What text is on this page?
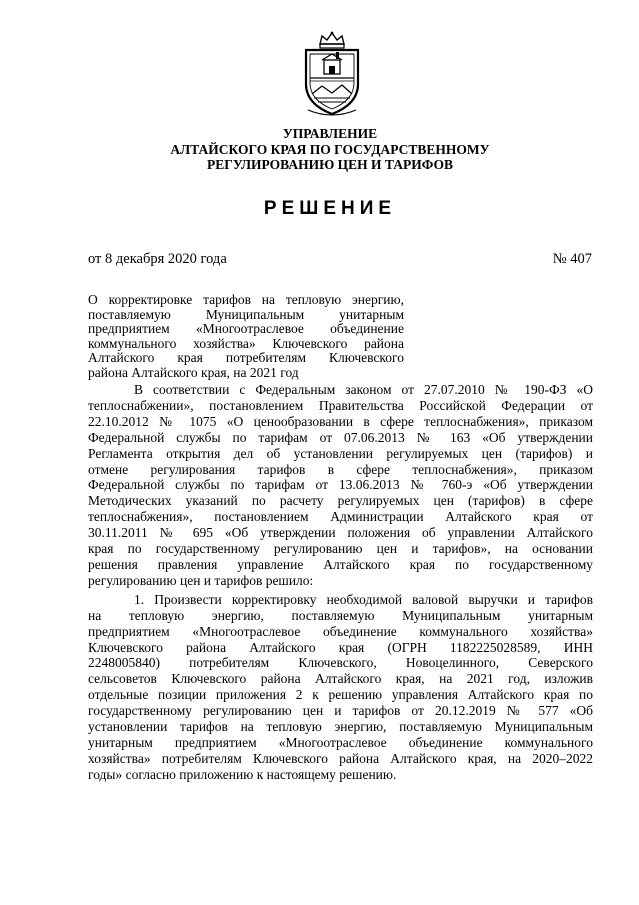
УПРАВЛЕНИЕ
АЛТАЙСКОГО КРАЯ ПО ГОСУДАРСТВЕННОМУ
РЕГУЛИРОВАНИЮ ЦЕН И ТАРИФОВ
РЕШЕНИЕ
от 8 декабря 2020 года	№ 407
О корректировке тарифов на тепловую энергию,
поставляемую Муниципальным унитарным
предприятием «Многоотраслевое объединение
коммунального хозяйства» Ключевского района
Алтайского края потребителям Ключевского
района Алтайского края, на 2021 год
В соответствии с Федеральным законом от 27.07.2010 № 190-ФЗ «О
теплоснабжении», постановлением Правительства Российской Федерации от
22.10.2012 № 1075 «О ценообразовании в сфере теплоснабжения», приказом
Федеральной службы по тарифам от 07.06.2013 № 163 «Об утверждении
Регламента открытия дел об установлении регулируемых цен (тарифов) и
отмене регулирования тарифов в сфере теплоснабжения», приказом
Федеральной службы по тарифам от 13.06.2013 № 760-э «Об утверждении
Методических указаний по расчету регулируемых цен (тарифов) в сфере
теплоснабжения», постановлением Администрации Алтайского края от
30.11.2011 № 695 «Об утверждении положения об управлении Алтайского
края по государственному регулированию цен и тарифов», на основании
решения правления управление Алтайского края по государственному
регулированию цен и тарифов решило:
1. Произвести корректировку необходимой валовой выручки и тарифов
на тепловую энергию, поставляемую Муниципальным унитарным
предприятием «Многоотраслевое объединение коммунального хозяйства»
Ключевского района Алтайского края (ОГРН 1182225028589, ИНН
2248005840) потребителям Ключевского, Новоцелинного, Северского
сельсоветов Ключевского района Алтайского края, на 2021 год, изложив
отдельные позиции приложения 2 к решению управления Алтайского края по
государственному регулированию цен и тарифов от 20.12.2019 № 577 «Об
установлении тарифов на тепловую энергию, поставляемую Муниципальным
унитарным предприятием «Многоотраслевое объединение коммунального
хозяйства» потребителям Ключевского района Алтайского края, на 2020–2022
годы» согласно приложению к настоящему решению.
